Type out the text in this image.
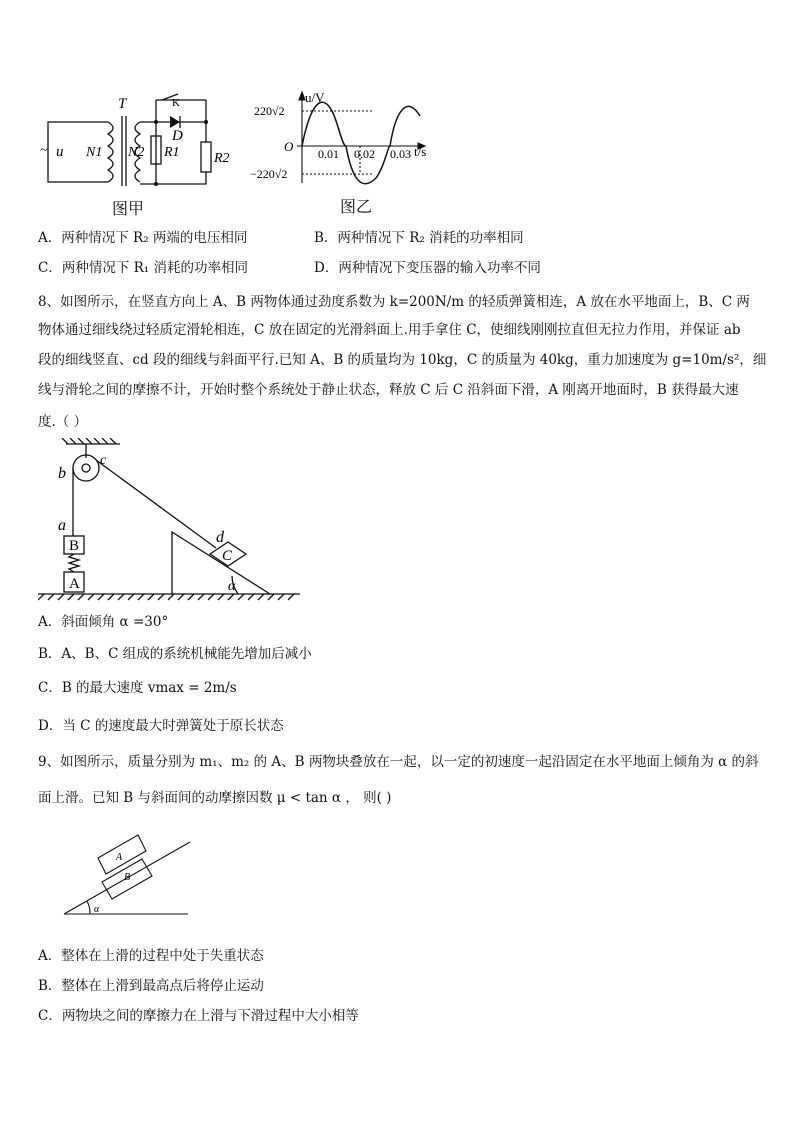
~ u
T	K
D
N1 N2 R1 R2
图甲
u/V
t/s
O
220√2
−220√2
0.01 0.02 0.03
图乙
A．两种情况下 R₂ 两端的电压相同	B．两种情况下 R₂ 消耗的功率相同
C．两种情况下 R₁ 消耗的功率相同	D．两种情况下变压器的输入功率不同
8、如图所示，在竖直方向上 A、B 两物体通过劲度系数为 k=200N/m 的轻质弹簧相连，A 放在水平地面上，B、C 两
物体通过细线绕过轻质定滑轮相连，C 放在固定的光滑斜面上.用手拿住 C，使细线刚刚拉直但无拉力作用，并保证 ab
段的细线竖直、cd 段的细线与斜面平行.已知 A、B 的质量均为 10kg，C 的质量为 40kg，重力加速度为 g=10m/s²，细
线与滑轮之间的摩擦不计，开始时整个系统处于静止状态，释放 C 后 C 沿斜面下滑，A 刚离开地面时，B 获得最大速
度.（ ）
b
c
a
B
A
d
C
α
A．斜面倾角 α =30°
B．A、B、C 组成的系统机械能先增加后减小
C．B 的最大速度 vmax = 2m/s
D．当 C 的速度最大时弹簧处于原长状态
9、如图所示，质量分别为 m₁、m₂ 的 A、B 两物块叠放在一起，以一定的初速度一起沿固定在水平地面上倾角为 α 的斜
面上滑。已知 B 与斜面间的动摩擦因数 μ < tan α ， 则( )
A
B
α
A．整体在上滑的过程中处于失重状态
B．整体在上滑到最高点后将停止运动
C．两物块之间的摩擦力在上滑与下滑过程中大小相等
